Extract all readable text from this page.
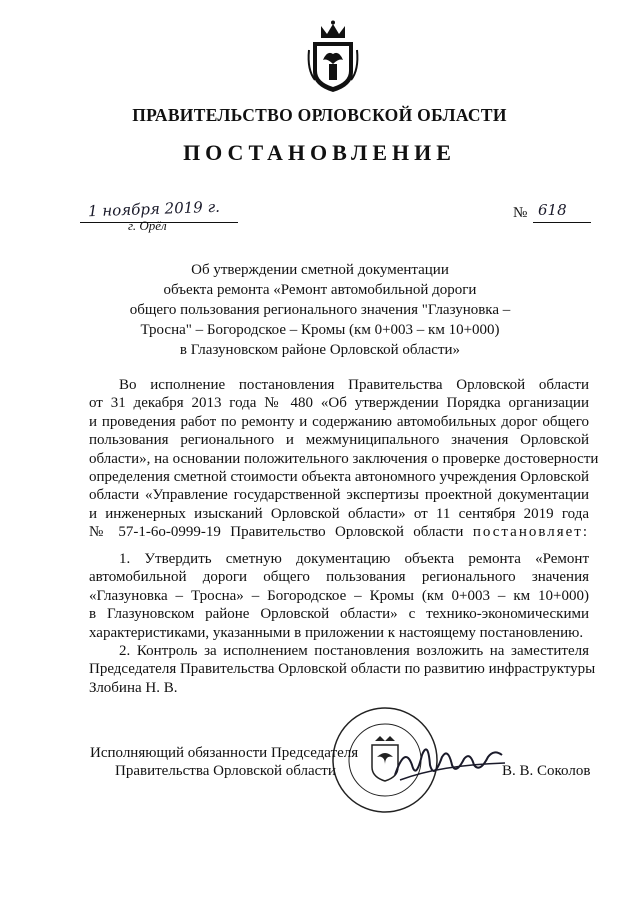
ПРАВИТЕЛЬСТВО ОРЛОВСКОЙ ОБЛАСТИ
ПОСТАНОВЛЕНИЕ
1 ноября 2019 г.
г. Орёл
№ 618
Об утверждении сметной документации
объекта ремонта «Ремонт автомобильной дороги
общего пользования регионального значения "Глазуновка –
Тросна" – Богородское – Кромы (км 0+003 – км 10+000)
в Глазуновском районе Орловской области»
Во исполнение постановления Правительства Орловской области
от 31 декабря 2013 года № 480 «Об утверждении Порядка организации
и проведения работ по ремонту и содержанию автомобильных дорог общего
пользования регионального и межмуниципального значения Орловской
области», на основании положительного заключения о проверке достоверности
определения сметной стоимости объекта автономного учреждения Орловской
области «Управление государственной экспертизы проектной документации
и инженерных изысканий Орловской области» от 11 сентября 2019 года
№ 57-1-6о-0999-19 Правительство Орловской области постановляет:
1. Утвердить сметную документацию объекта ремонта «Ремонт
автомобильной дороги общего пользования регионального значения
«Глазуновка – Тросна» – Богородское – Кромы (км 0+003 – км 10+000)
в Глазуновском районе Орловской области» с технико-экономическими
характеристиками, указанными в приложении к настоящему постановлению.
2. Контроль за исполнением постановления возложить на заместителя
Председателя Правительства Орловской области по развитию инфраструктуры
Злобина Н. В.
Исполняющий обязанности Председателя
Правительства Орловской области	В. В. Соколов
